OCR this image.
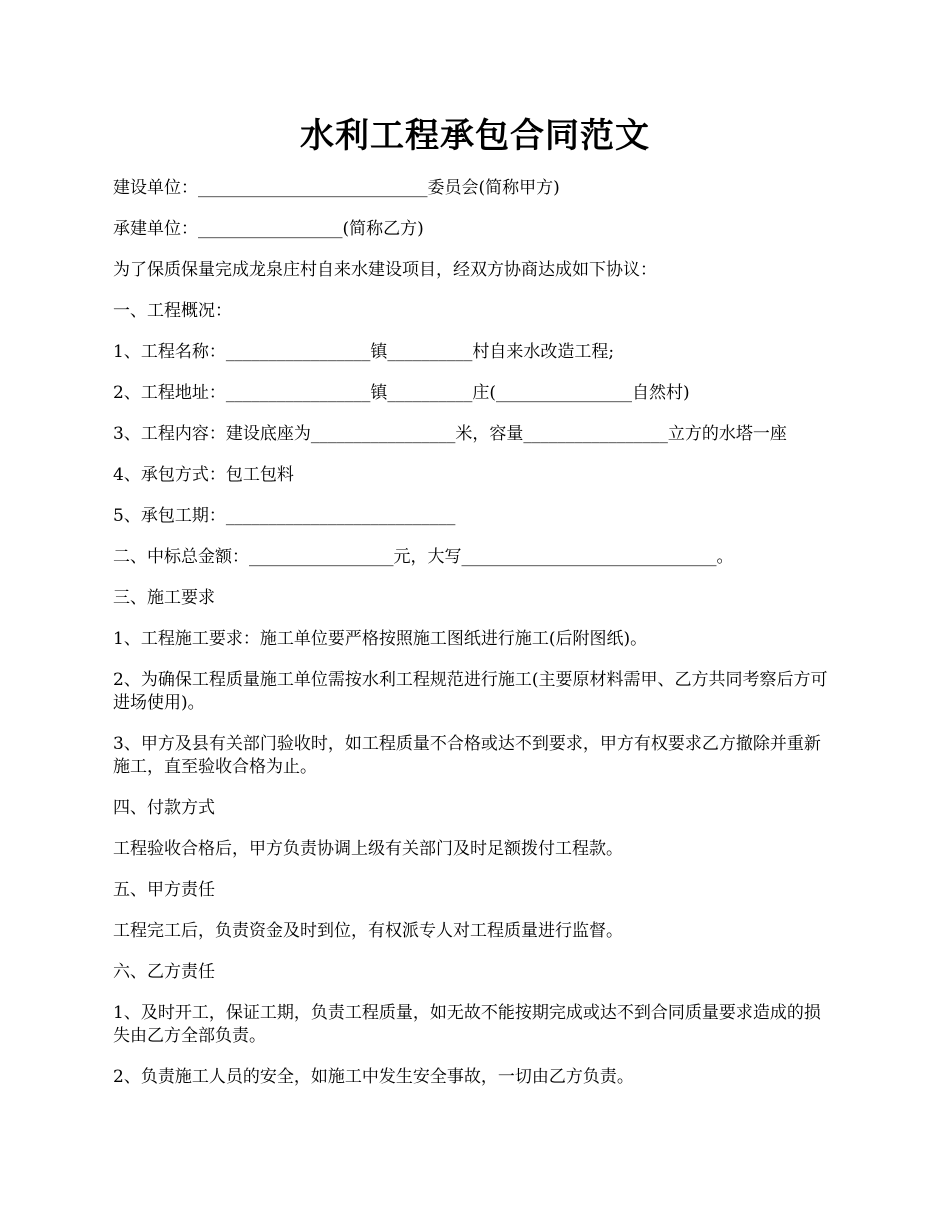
水利工程承包合同范文

建设单位：___________________________委员会(简称甲方)

承建单位：_________________(简称乙方)

为了保质保量完成龙泉庄村自来水建设项目，经双方协商达成如下协议：

一、工程概况：

1、工程名称：_________________镇__________村自来水改造工程;

2、工程地址：_________________镇__________庄(________________自然村)

3、工程内容：建设底座为_________________米，容量_________________立方的水塔一座

4、承包方式：包工包料

5、承包工期：___________________________

二、中标总金额：_________________元，大写______________________________。

三、施工要求

1、工程施工要求：施工单位要严格按照施工图纸进行施工(后附图纸)。

2、为确保工程质量施工单位需按水利工程规范进行施工(主要原材料需甲、乙方共同考察后方可进场使用)。

3、甲方及县有关部门验收时，如工程质量不合格或达不到要求，甲方有权要求乙方撤除并重新施工，直至验收合格为止。

四、付款方式

工程验收合格后，甲方负责协调上级有关部门及时足额拨付工程款。

五、甲方责任

工程完工后，负责资金及时到位，有权派专人对工程质量进行监督。

六、乙方责任

1、及时开工，保证工期，负责工程质量，如无故不能按期完成或达不到合同质量要求造成的损失由乙方全部负责。

2、负责施工人员的安全，如施工中发生安全事故，一切由乙方负责。
